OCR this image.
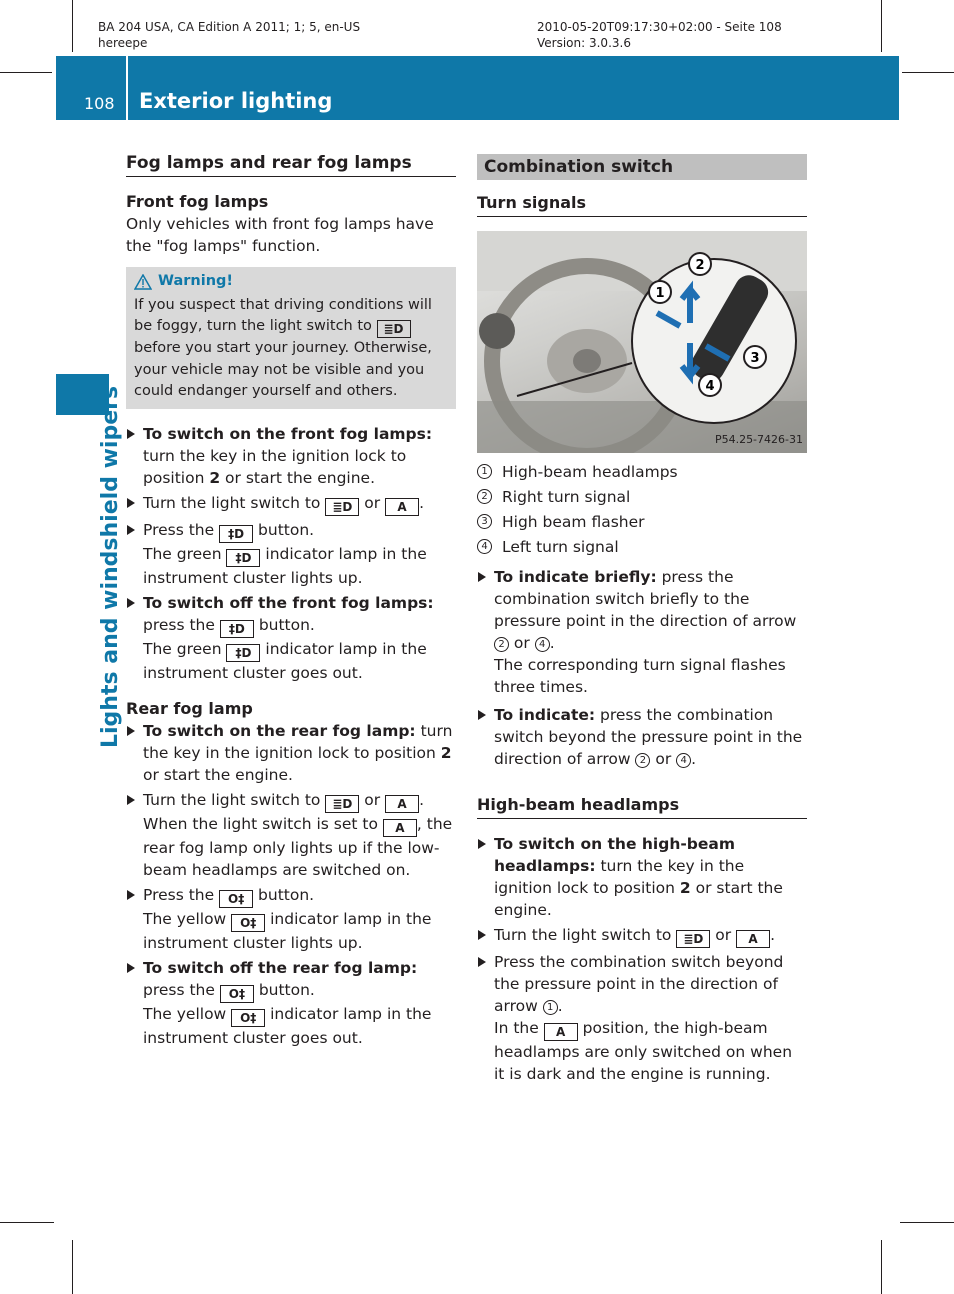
BA 204 USA, CA Edition A 2011; 1; 5, en-US
hereepe
2010-05-20T09:17:30+02:00 - Seite 108
Version: 3.0.3.6
108 Exterior lighting
Lights and windshield wipers
Fog lamps and rear fog lamps
Front fog lamps
Only vehicles with front fog lamps have the "fog lamps" function.
Warning!
If you suspect that driving conditions will be foggy, turn the light switch to ≣D before you start your journey. Otherwise, your vehicle may not be visible and you could endanger yourself and others.
To switch on the front fog lamps: turn the key in the ignition lock to position 2 or start the engine.
Turn the light switch to ≣D or A .
Press the ‡D button.
The green ‡D indicator lamp in the instrument cluster lights up.
To switch off the front fog lamps: press the ‡D button.
The green ‡D indicator lamp in the instrument cluster goes out.
Rear fog lamp
To switch on the rear fog lamp: turn the key in the ignition lock to position 2 or start the engine.
Turn the light switch to ≣D or A .
When the light switch is set to A , the rear fog lamp only lights up if the low-beam headlamps are switched on.
Press the O‡ button.
The yellow O‡ indicator lamp in the instrument cluster lights up.
To switch off the rear fog lamp: press the O‡ button.
The yellow O‡ indicator lamp in the instrument cluster goes out.
Combination switch
Turn signals
1
2
3
4
P54.25-7426-31
1 High-beam headlamps
2 Right turn signal
3 High beam flasher
4 Left turn signal
To indicate briefly: press the combination switch briefly to the pressure point in the direction of arrow 2 or 4 .
The corresponding turn signal flashes three times.
To indicate: press the combination switch beyond the pressure point in the direction of arrow 2 or 4 .
High-beam headlamps
To switch on the high-beam headlamps: turn the key in the ignition lock to position 2 or start the engine.
Turn the light switch to ≣D or A .
Press the combination switch beyond the pressure point in the direction of arrow 1 .
In the A position, the high-beam headlamps are only switched on when it is dark and the engine is running.
